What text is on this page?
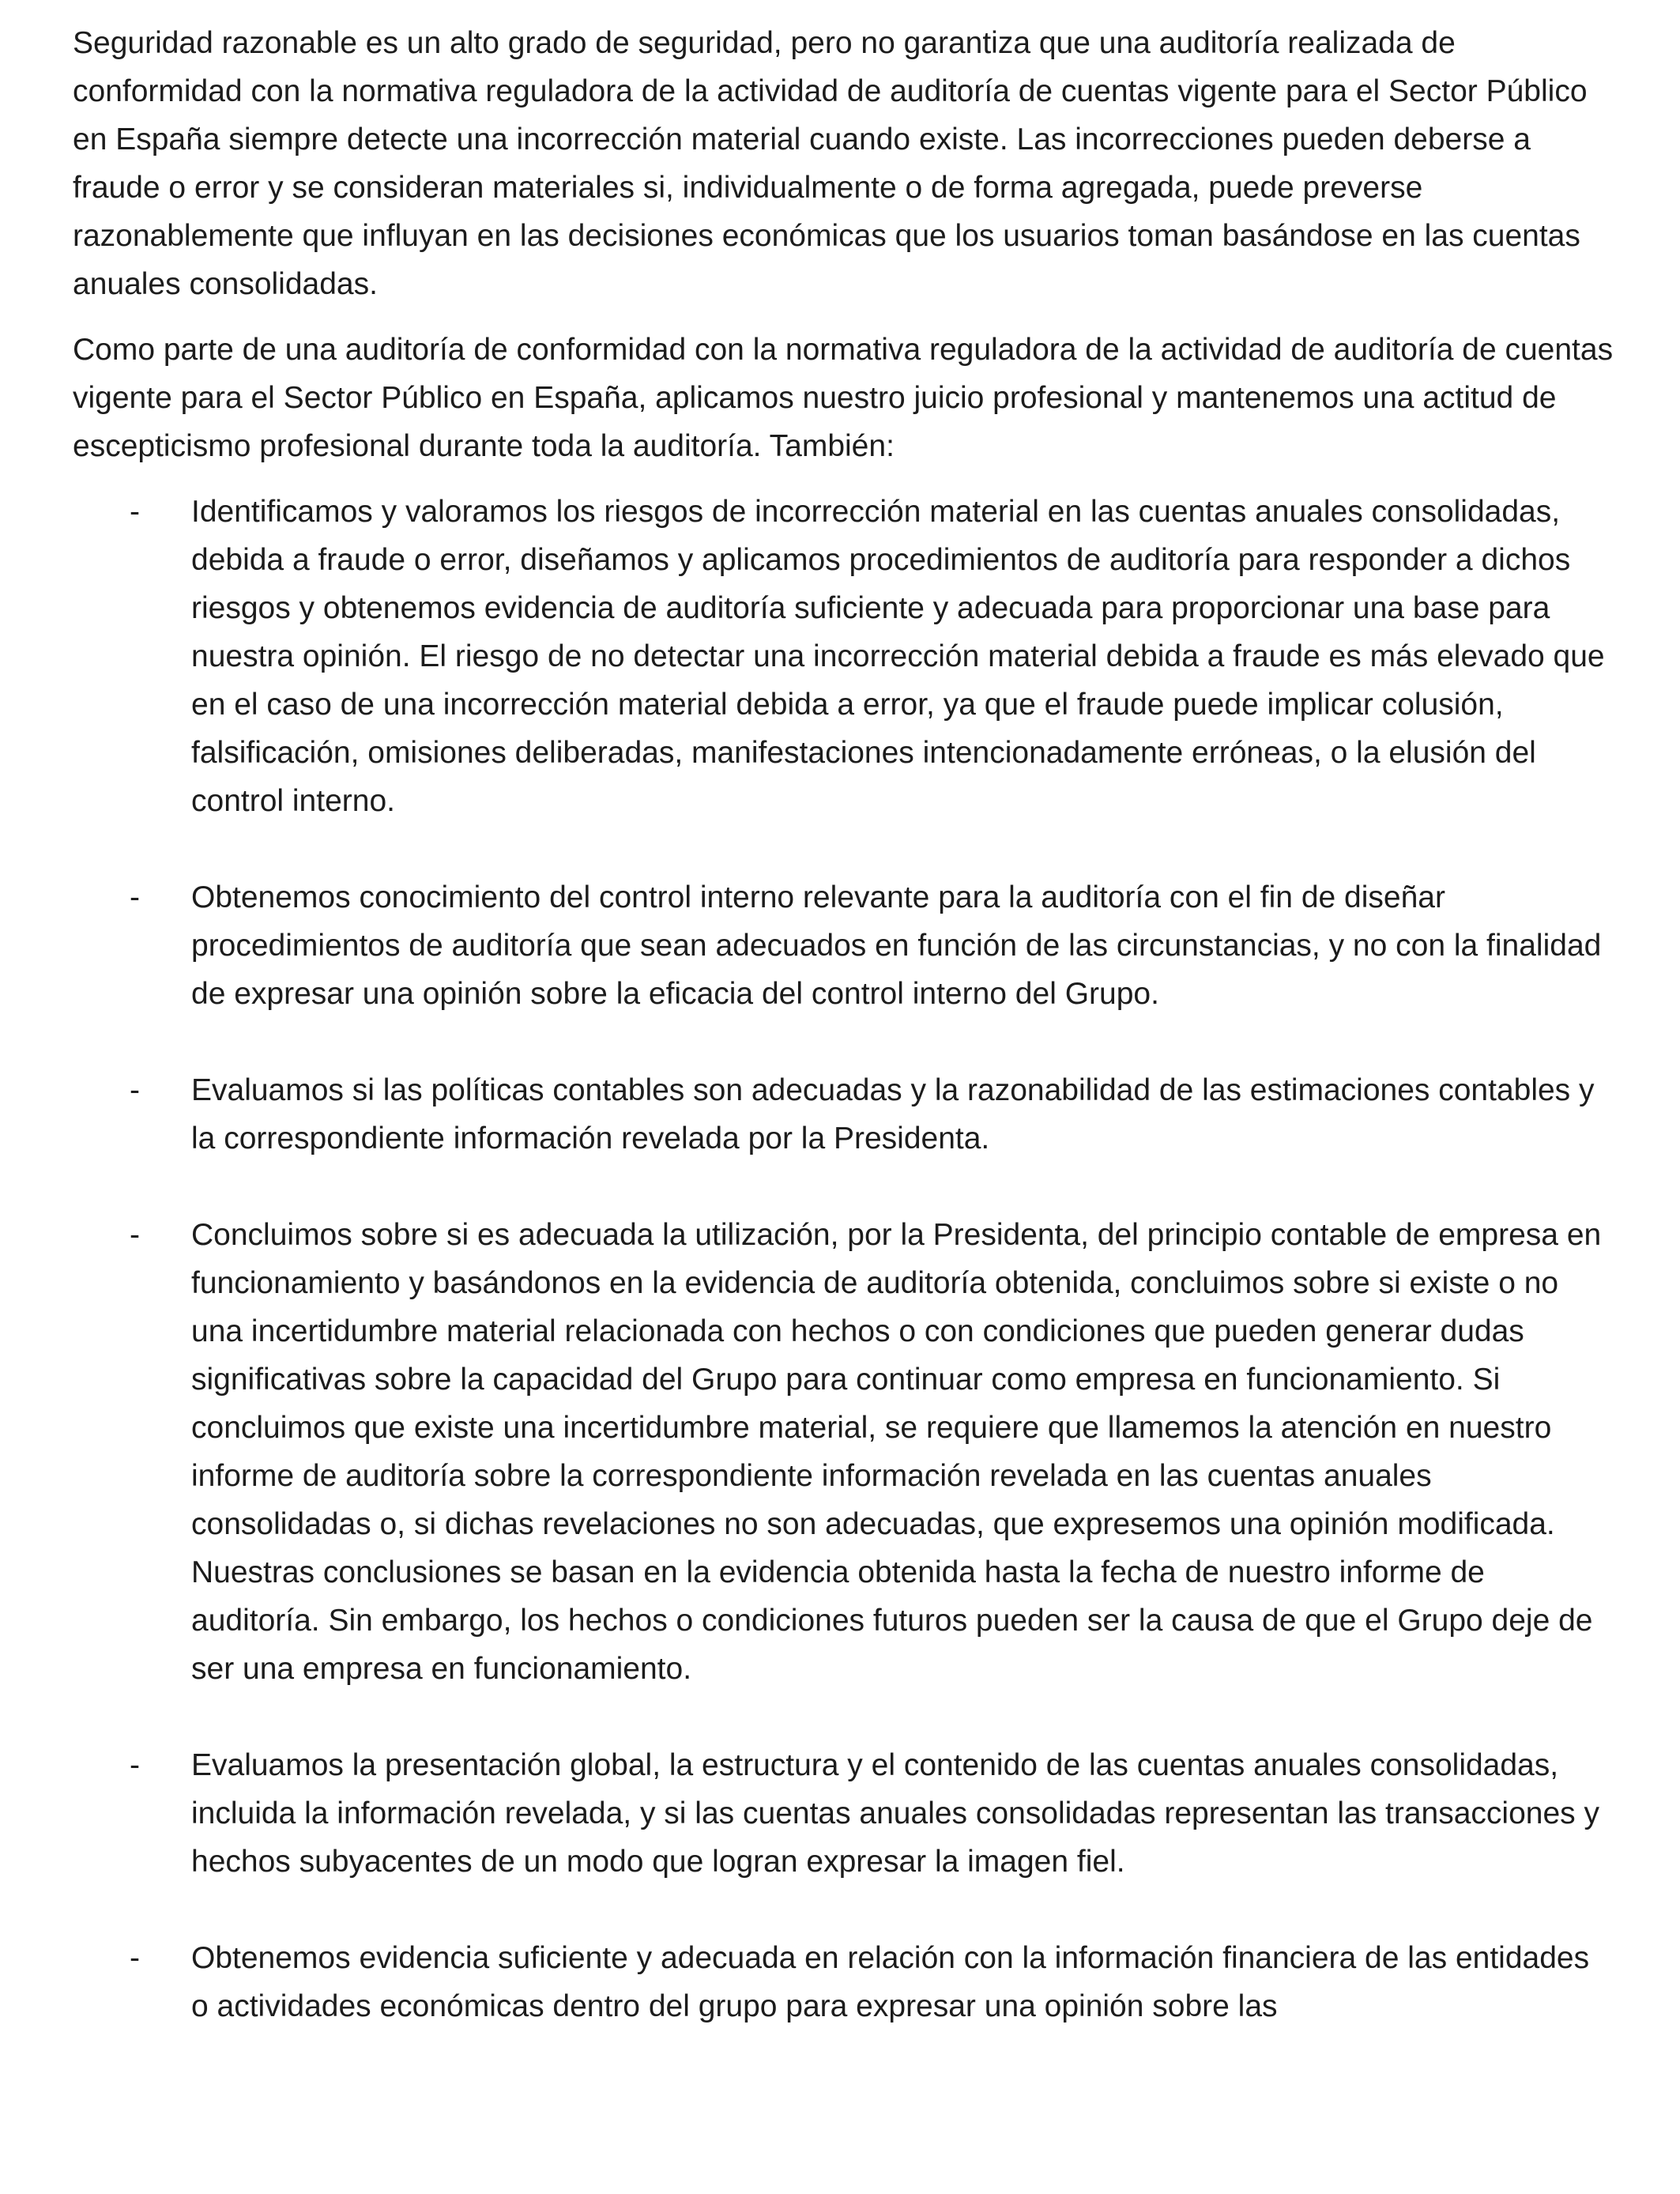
Seguridad razonable es un alto grado de seguridad, pero no garantiza que una auditoría realizada de conformidad con la normativa reguladora de la actividad de auditoría de cuentas vigente para el Sector Público en España siempre detecte una incorrección material cuando existe. Las incorrecciones pueden deberse a fraude o error y se consideran materiales si, individualmente o de forma agregada, puede preverse razonablemente que influyan en las decisiones económicas que los usuarios toman basándose en las cuentas anuales consolidadas.

Como parte de una auditoría de conformidad con la normativa reguladora de la actividad de auditoría de cuentas vigente para el Sector Público en España, aplicamos nuestro juicio profesional y mantenemos una actitud de escepticismo profesional durante toda la auditoría. También:

- Identificamos y valoramos los riesgos de incorrección material en las cuentas anuales consolidadas, debida a fraude o error, diseñamos y aplicamos procedimientos de auditoría para responder a dichos riesgos y obtenemos evidencia de auditoría suficiente y adecuada para proporcionar una base para nuestra opinión. El riesgo de no detectar una incorrección material debida a fraude es más elevado que en el caso de una incorrección material debida a error, ya que el fraude puede implicar colusión, falsificación, omisiones deliberadas, manifestaciones intencionadamente erróneas, o la elusión del control interno.
- Obtenemos conocimiento del control interno relevante para la auditoría con el fin de diseñar procedimientos de auditoría que sean adecuados en función de las circunstancias, y no con la finalidad de expresar una opinión sobre la eficacia del control interno del Grupo.
- Evaluamos si las políticas contables son adecuadas y la razonabilidad de las estimaciones contables y la correspondiente información revelada por la Presidenta.
- Concluimos sobre si es adecuada la utilización, por la Presidenta, del principio contable de empresa en funcionamiento y basándonos en la evidencia de auditoría obtenida, concluimos sobre si existe o no una incertidumbre material relacionada con hechos o con condiciones que pueden generar dudas significativas sobre la capacidad del Grupo para continuar como empresa en funcionamiento. Si concluimos que existe una incertidumbre material, se requiere que llamemos la atención en nuestro informe de auditoría sobre la correspondiente información revelada en las cuentas anuales consolidadas o, si dichas revelaciones no son adecuadas, que expresemos una opinión modificada. Nuestras conclusiones se basan en la evidencia obtenida hasta la fecha de nuestro informe de auditoría. Sin embargo, los hechos o condiciones futuros pueden ser la causa de que el Grupo deje de ser una empresa en funcionamiento.
- Evaluamos la presentación global, la estructura y el contenido de las cuentas anuales consolidadas, incluida la información revelada, y si las cuentas anuales consolidadas representan las transacciones y hechos subyacentes de un modo que logran expresar la imagen fiel.
- Obtenemos evidencia suficiente y adecuada en relación con la información financiera de las entidades o actividades económicas dentro del grupo para expresar una opinión sobre las
